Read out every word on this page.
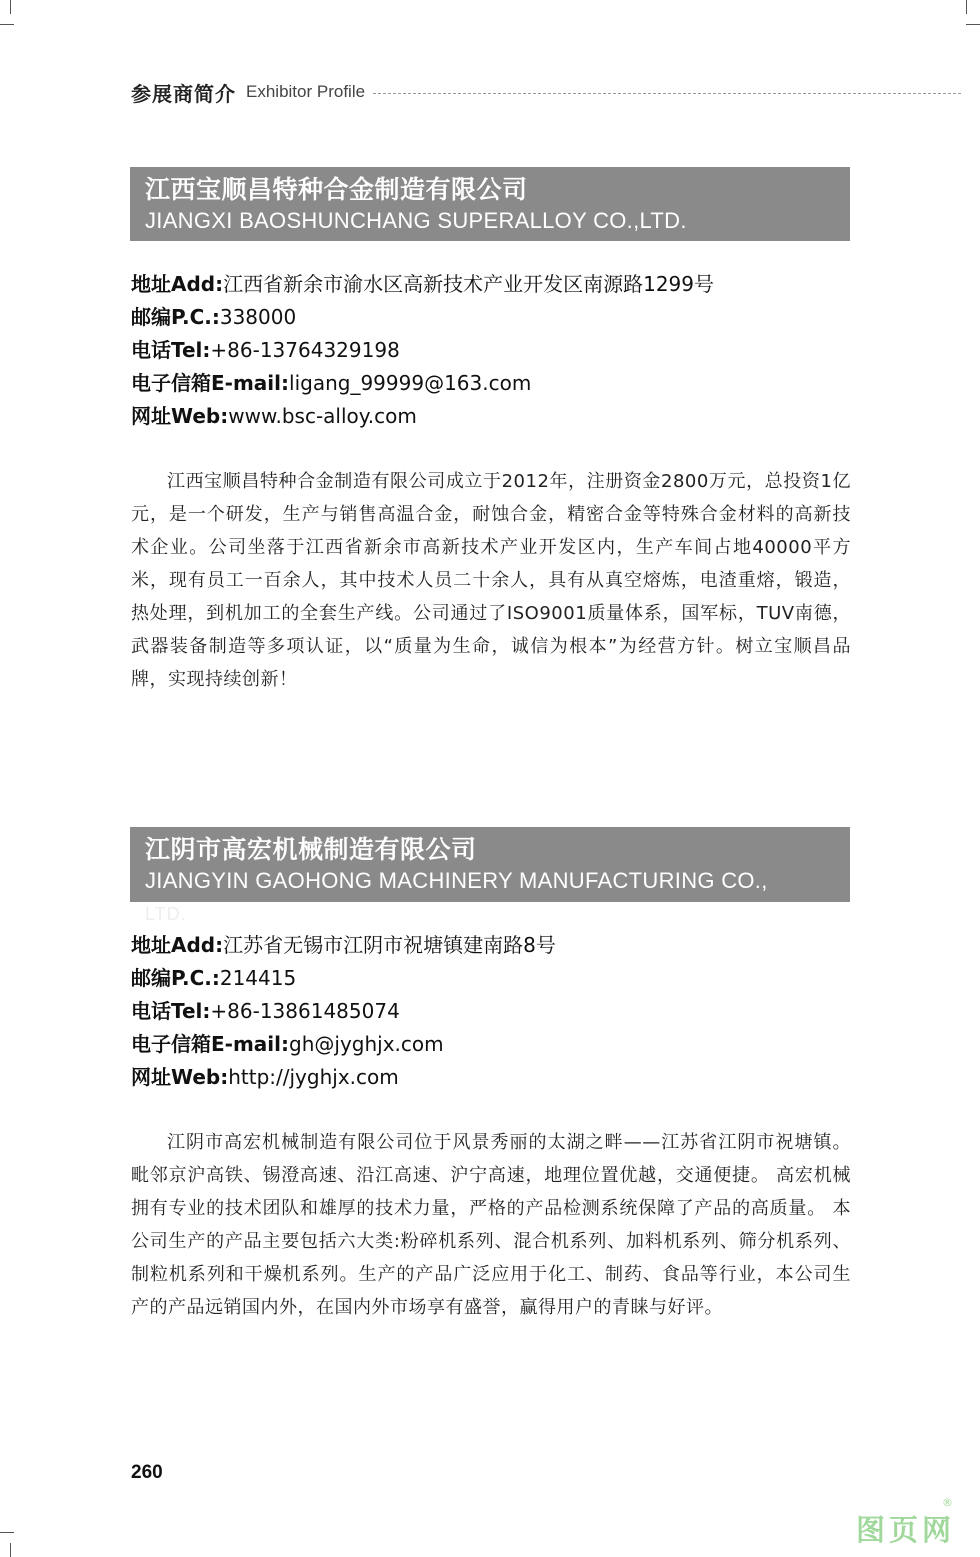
参展商简介 Exhibitor Profile
江西宝顺昌特种合金制造有限公司
JIANGXI BAOSHUNCHANG SUPERALLOY CO.,LTD.
地址Add:江西省新余市渝水区高新技术产业开发区南源路1299号
邮编P.C.:338000
电话Tel:+86-13764329198
电子信箱E-mail:ligang_99999@163.com
网址Web:www.bsc-alloy.com

江西宝顺昌特种合金制造有限公司成立于2012年，注册资金2800万元，总投资1亿元，是一个研发，生产与销售高温合金，耐蚀合金，精密合金等特殊合金材料的高新技术企业。公司坐落于江西省新余市高新技术产业开发区内，生产车间占地40000平方米，现有员工一百余人，其中技术人员二十余人，具有从真空熔炼，电渣重熔，锻造，热处理，到机加工的全套生产线。公司通过了ISO9001质量体系，国军标，TUV南德，武器装备制造等多项认证，以“质量为生命，诚信为根本”为经营方针。树立宝顺昌品牌，实现持续创新！

江阴市高宏机械制造有限公司
JIANGYIN GAOHONG MACHINERY MANUFACTURING CO.,
LTD.
地址Add:江苏省无锡市江阴市祝塘镇建南路8号
邮编P.C.:214415
电话Tel:+86-13861485074
电子信箱E-mail:gh@jyghjx.com
网址Web:http://jyghjx.com

江阴市高宏机械制造有限公司位于风景秀丽的太湖之畔——江苏省江阴市祝塘镇。毗邻京沪高铁、锡澄高速、沿江高速、沪宁高速，地理位置优越，交通便捷。 高宏机械拥有专业的技术团队和雄厚的技术力量，严格的产品检测系统保障了产品的高质量。 本公司生产的产品主要包括六大类:粉碎机系列、混合机系列、加料机系列、筛分机系列、制粒机系列和干燥机系列。生产的产品广泛应用于化工、制药、食品等行业，本公司生产的产品远销国内外，在国内外市场享有盛誉，赢得用户的青睐与好评。

260
图页网
®
